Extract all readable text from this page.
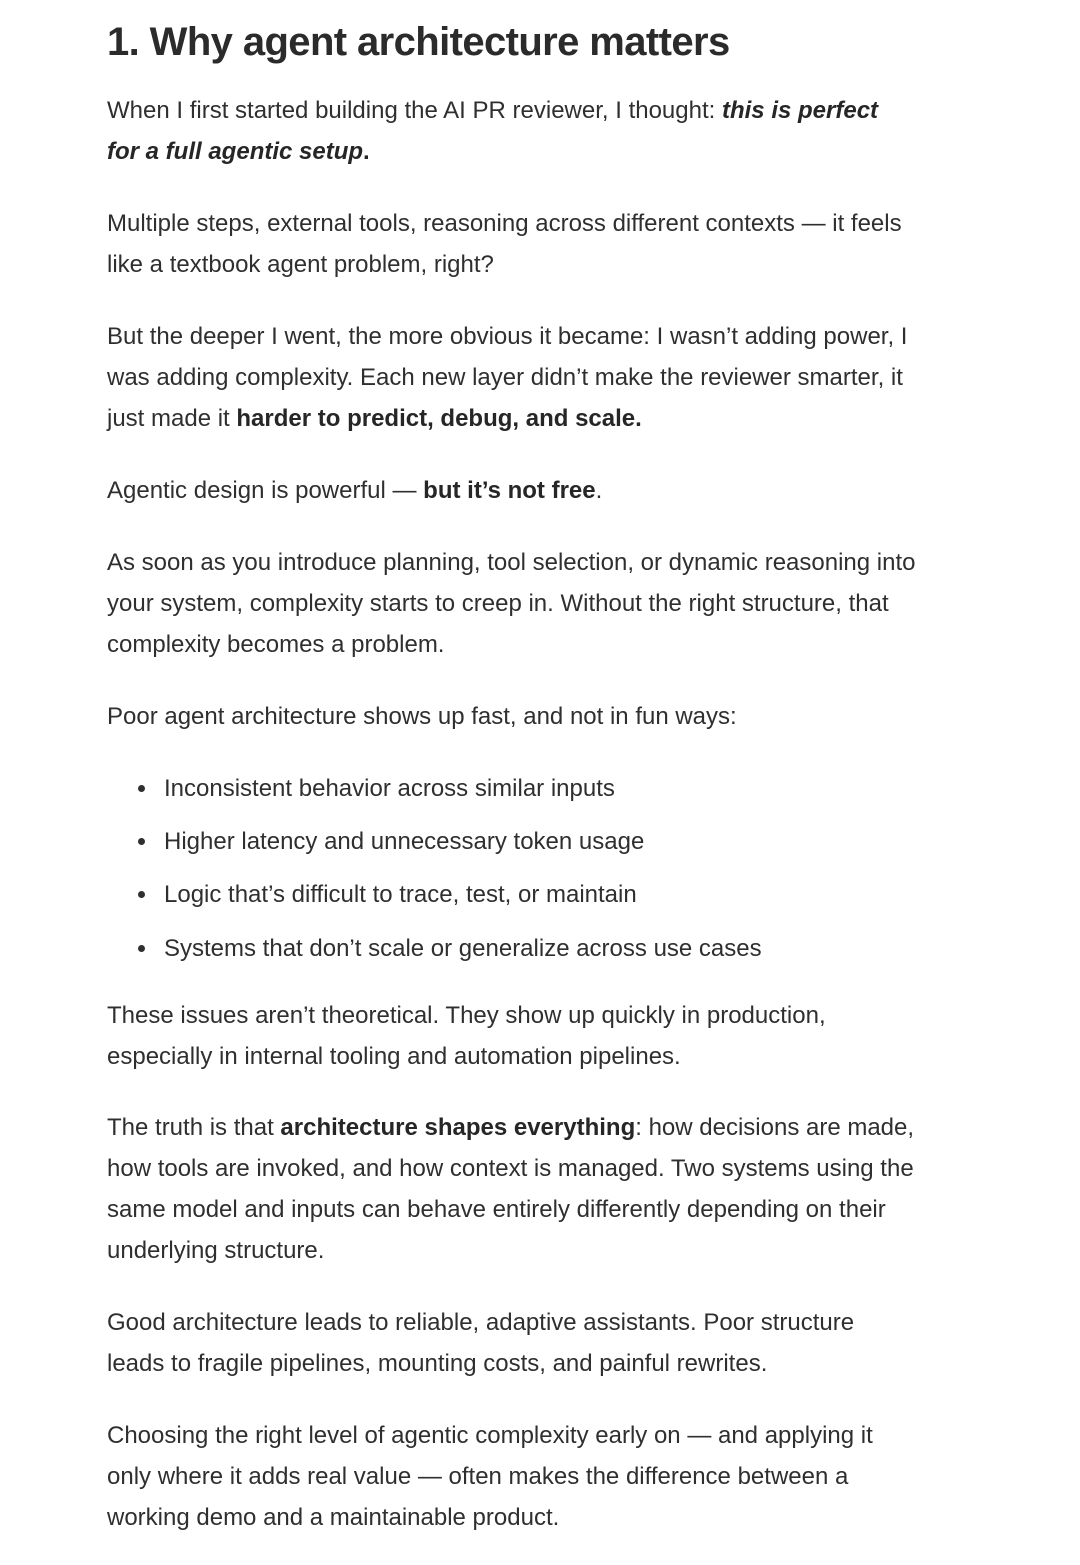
1. Why agent architecture matters

When I first started building the AI PR reviewer, I thought: this is perfect
for a full agentic setup.

Multiple steps, external tools, reasoning across different contexts — it feels
like a textbook agent problem, right?

But the deeper I went, the more obvious it became: I wasn’t adding power, I
was adding complexity. Each new layer didn’t make the reviewer smarter, it
just made it harder to predict, debug, and scale.

Agentic design is powerful — but it’s not free.

As soon as you introduce planning, tool selection, or dynamic reasoning into
your system, complexity starts to creep in. Without the right structure, that
complexity becomes a problem.

Poor agent architecture shows up fast, and not in fun ways:

Inconsistent behavior across similar inputs
Higher latency and unnecessary token usage
Logic that’s difficult to trace, test, or maintain
Systems that don’t scale or generalize across use cases

These issues aren’t theoretical. They show up quickly in production,
especially in internal tooling and automation pipelines.

The truth is that architecture shapes everything: how decisions are made,
how tools are invoked, and how context is managed. Two systems using the
same model and inputs can behave entirely differently depending on their
underlying structure.

Good architecture leads to reliable, adaptive assistants. Poor structure
leads to fragile pipelines, mounting costs, and painful rewrites.

Choosing the right level of agentic complexity early on — and applying it
only where it adds real value — often makes the difference between a
working demo and a maintainable product.
